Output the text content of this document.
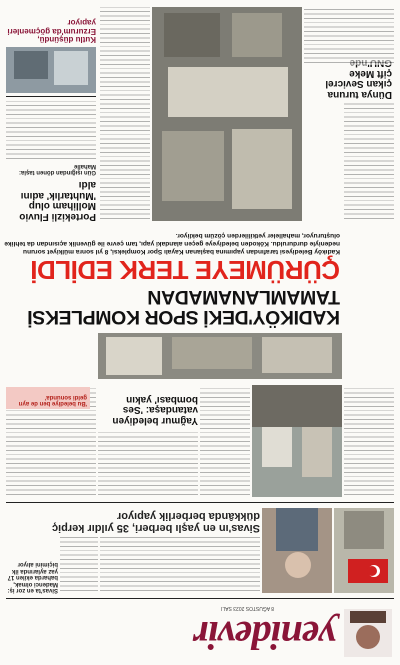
yenidevir
8 AĞUSTOS 2023 SALI
Sivas'ın en yaşlı berberi, 35 yıldır kerpiç dükkânda berberlik yapıyor
Sivas'ta en zor iş: Madenci olmak, baharda ekilen 17 yaz aylarında ilk biçimini alıyor
Yağmur belediyen vatandaşa: 'Ses bombası' yakın
'Bu belediye ben de ayrı geldi sonunda'
KADIKÖY'DEKİ SPOR KOMPLEKSİ TAMAMLANAMADAN
ÇÜRÜMEYE TERK EDİLDİ
Kadıköy Belediyesi tarafından yapımına başlanan Kayalı Spor Kompleksi, 8 yıl sonra mülkiyet sorunu nedeniyle durduruldu. Kökoden belediyeye geçen alandaki yapı, tam çevre ile güvenlik açısından da tehlike oluşturuyor, mahalleler yetkililerden çözüm bekliyor.
Dünya turuna çıkan Sevicrel çift Meke
Portekizli Fluvio Molliham olup 'Muhtarlık' adını aldı
Gün ışığından dönen taşla: Mahalle
Kutlu düşündü, Erzurum'da göçmenleri yapıyor
